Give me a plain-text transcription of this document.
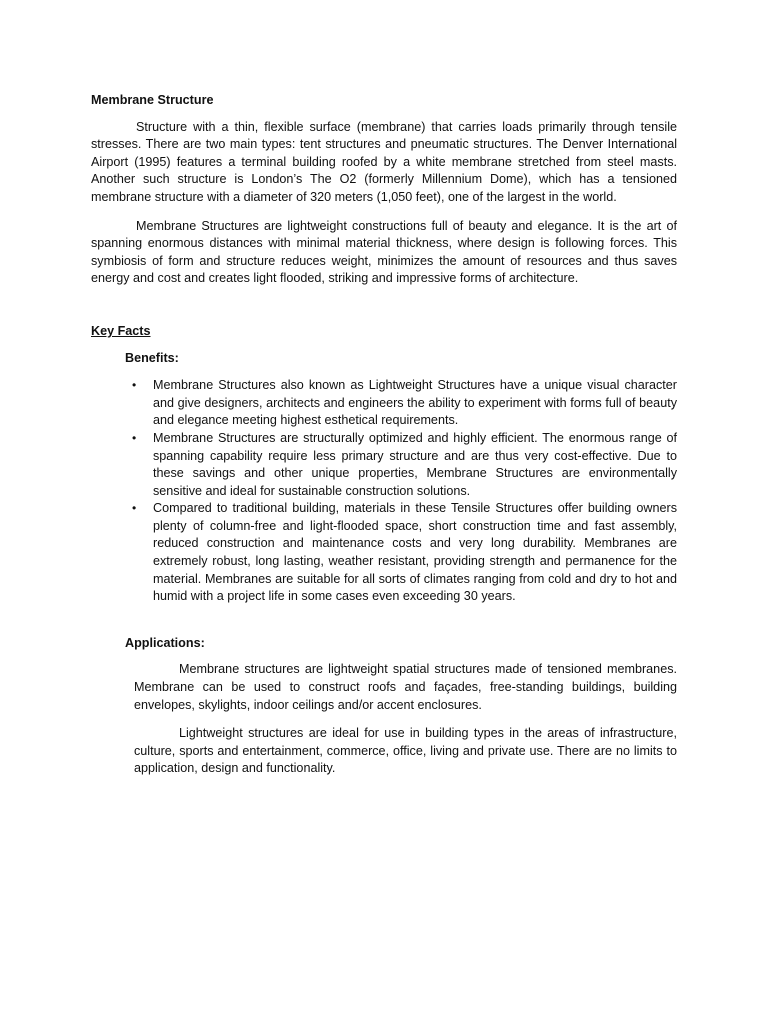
Membrane Structure

Structure with a thin, flexible surface (membrane) that carries loads primarily through tensile stresses. There are two main types: tent structures and pneumatic structures. The Denver International Airport (1995) features a terminal building roofed by a white membrane stretched from steel masts. Another such structure is London’s The O2 (formerly Millennium Dome), which has a tensioned membrane structure with a diameter of 320 meters (1,050 feet), one of the largest in the world.

Membrane Structures are lightweight constructions full of beauty and elegance. It is the art of spanning enormous distances with minimal material thickness, where design is following forces. This symbiosis of form and structure reduces weight, minimizes the amount of resources and thus saves energy and cost and creates light flooded, striking and impressive forms of architecture.

Key Facts
Benefits:
• Membrane Structures also known as Lightweight Structures have a unique visual character and give designers, architects and engineers the ability to experiment with forms full of beauty and elegance meeting highest esthetical requirements.
• Membrane Structures are structurally optimized and highly efficient. The enormous range of spanning capability require less primary structure and are thus very cost-effective. Due to these savings and other unique properties, Membrane Structures are environmentally sensitive and ideal for sustainable construction solutions.
• Compared to traditional building, materials in these Tensile Structures offer building owners plenty of column-free and light-flooded space, short construction time and fast assembly, reduced construction and maintenance costs and very long durability. Membranes are extremely robust, long lasting, weather resistant, providing strength and permanence for the material. Membranes are suitable for all sorts of climates ranging from cold and dry to hot and humid with a project life in some cases even exceeding 30 years.
Applications:

Membrane structures are lightweight spatial structures made of tensioned membranes. Membrane can be used to construct roofs and façades, free-standing buildings, building envelopes, skylights, indoor ceilings and/or accent enclosures.

Lightweight structures are ideal for use in building types in the areas of infrastructure, culture, sports and entertainment, commerce, office, living and private use. There are no limits to application, design and functionality.
